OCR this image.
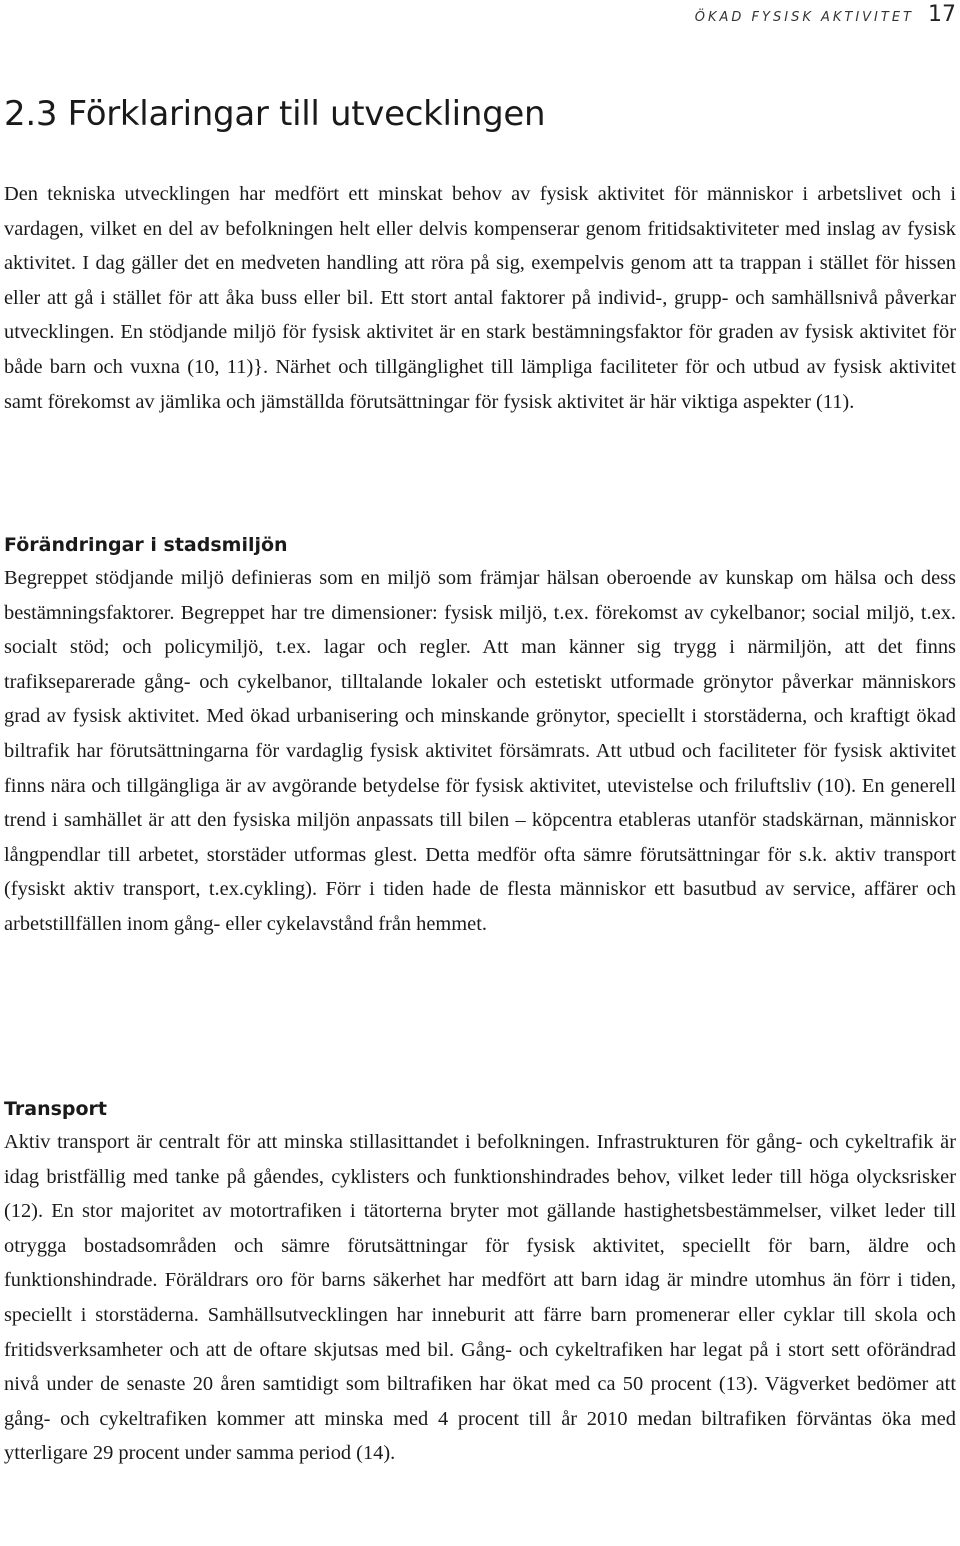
ÖKAD FYSISK AKTIVITET 17
2.3 Förklaringar till utvecklingen

Den tekniska utvecklingen har medfört ett minskat behov av fysisk aktivitet för människor i arbetslivet och i vardagen, vilket en del av befolkningen helt eller delvis kompenserar genom fritidsaktiviteter med inslag av fysisk aktivitet. I dag gäller det en medveten handling att röra på sig, exempelvis genom att ta trappan i stället för hissen eller att gå i stället för att åka buss eller bil. Ett stort antal faktorer på individ-, grupp- och samhällsnivå påverkar utvecklingen. En stödjande miljö för fysisk aktivitet är en stark bestämningsfaktor för graden av fysisk aktivitet för både barn och vuxna (10, 11)}. Närhet och tillgänglighet till lämpliga faciliteter för och utbud av fysisk aktivitet samt förekomst av jämlika och jämställda förutsättningar för fysisk aktivitet är här viktiga aspekter (11).

Förändringar i stadsmiljön

Begreppet stödjande miljö definieras som en miljö som främjar hälsan oberoende av kunskap om hälsa och dess bestämningsfaktorer. Begreppet har tre dimensioner: fysisk miljö, t.ex. förekomst av cykelbanor; social miljö, t.ex. socialt stöd; och policymiljö, t.ex. lagar och regler. Att man känner sig trygg i närmiljön, att det finns trafikseparerade gång- och cykelbanor, tilltalande lokaler och estetiskt utformade grönytor påverkar människors grad av fysisk aktivitet. Med ökad urbanisering och minskande grönytor, speciellt i storstäderna, och kraftigt ökad biltrafik har förutsättningarna för vardaglig fysisk aktivitet försämrats. Att utbud och faciliteter för fysisk aktivitet finns nära och tillgängliga är av avgörande betydelse för fysisk aktivitet, utevistelse och friluftsliv (10). En generell trend i samhället är att den fysiska miljön anpassats till bilen – köpcentra etableras utanför stadskärnan, människor långpendlar till arbetet, storstäder utformas glest. Detta medför ofta sämre förutsättningar för s.k. aktiv transport (fysiskt aktiv transport, t.ex.cykling). Förr i tiden hade de flesta människor ett basutbud av service, affärer och arbetstillfällen inom gång- eller cykelavstånd från hemmet.

Transport

Aktiv transport är centralt för att minska stillasittandet i befolkningen. Infrastrukturen för gång- och cykeltrafik är idag bristfällig med tanke på gåendes, cyklisters och funktionshindrades behov, vilket leder till höga olycksrisker (12). En stor majoritet av motortrafiken i tätorterna bryter mot gällande hastighetsbestämmelser, vilket leder till otrygga bostadsområden och sämre förutsättningar för fysisk aktivitet, speciellt för barn, äldre och funktionshindrade. Föräldrars oro för barns säkerhet har medfört att barn idag är mindre utomhus än förr i tiden, speciellt i storstäderna. Samhällsutvecklingen har inneburit att färre barn promenerar eller cyklar till skola och fritidsverksamheter och att de oftare skjutsas med bil. Gång- och cykeltrafiken har legat på i stort sett oförändrad nivå under de senaste 20 åren samtidigt som biltrafiken har ökat med ca 50 procent (13). Vägverket bedömer att gång- och cykeltrafiken kommer att minska med 4 procent till år 2010 medan biltrafiken förväntas öka med ytterligare 29 procent under samma period (14).
